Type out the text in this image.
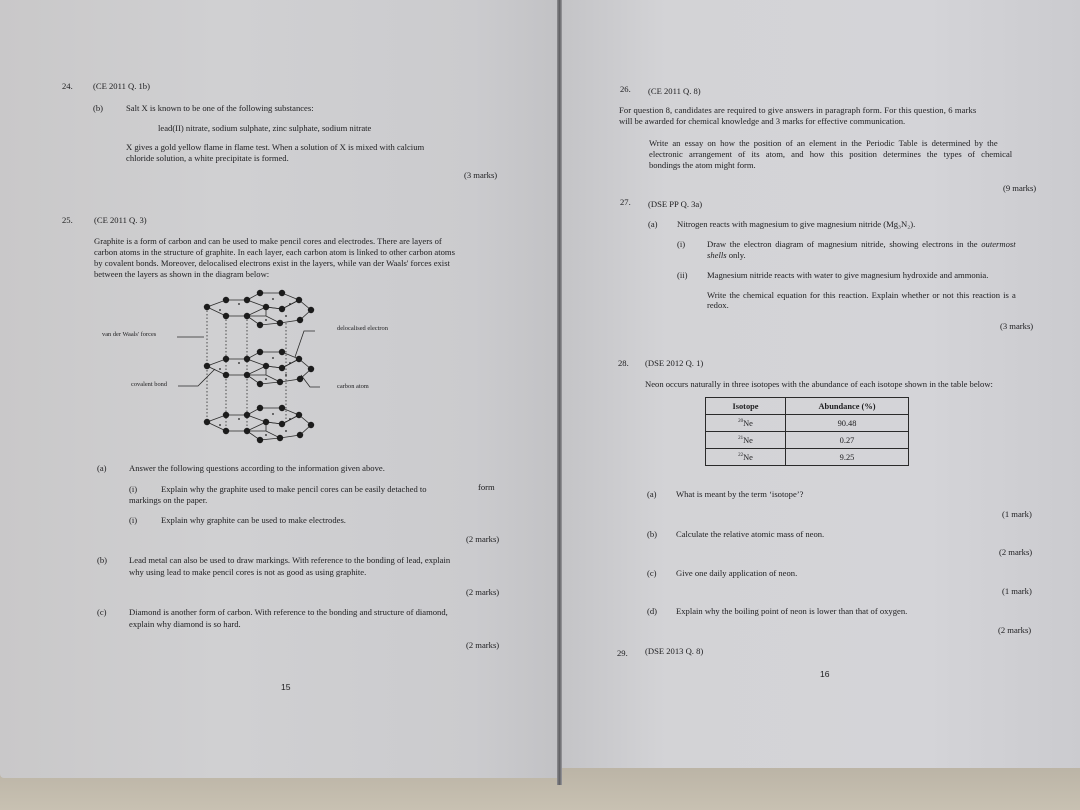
24. (CE 2011 Q. 1b)
(b)	Salt X is known to be one of the following substances:
lead(II) nitrate, sodium sulphate, zinc sulphate, sodium nitrate
X gives a gold yellow flame in flame test. When a solution of X is mixed with calcium
chloride solution, a white precipitate is formed.
(3 marks)
25. (CE 2011 Q. 3)
Graphite is a form of carbon and can be used to make pencil cores and electrodes. There are layers of
carbon atoms in the structure of graphite. In each layer, each carbon atom is linked to other carbon atoms
by covalent bonds. Moreover, delocalised electrons exist in the layers, while van der Waals' forces exist
between the layers as shown in the diagram below:
van der Waals' forces
delocalised electron
covalent bond	carbon atom
(a)	Answer the following questions according to the information given above.
(i)	Explain why the graphite used to make pencil cores can be easily detached to	form
markings on the paper.
(i)	Explain why graphite can be used to make electrodes.
(2 marks)
(b)	Lead metal can also be used to draw markings. With reference to the bonding of lead, explain
why using lead to make pencil cores is not as good as using graphite.
(2 marks)
(c)	Diamond is another form of carbon. With reference to the bonding and structure of diamond,
explain why diamond is so hard.
(2 marks)
15
26. (CE 2011 Q. 8)
For question 8, candidates are required to give answers in paragraph form. For this question, 6 marks
will be awarded for chemical knowledge and 3 marks for effective communication.
Write an essay on how the position of an element in the Periodic Table is determined by the
electronic arrangement of its atom, and how this position determines the types of chemical
bondings the atom might form.
(9 marks)
27. (DSE PP Q. 3a)
(a) Nitrogen reacts with magnesium to give magnesium nitride (Mg₃N₂).
(i)	Draw the electron diagram of magnesium nitride, showing electrons in the outermost
shells only.
(ii) Magnesium nitride reacts with water to give magnesium hydroxide and ammonia.
Write the chemical equation for this reaction. Explain whether or not this reaction is a
redox.
(3 marks)
28. (DSE 2012 Q. 1)
Neon occurs naturally in three isotopes with the abundance of each isotope shown in the table below:
Isotope	Abundance (%)
$^{20}$Ne	90.48
$^{21}$Ne	0.27
$^{22}$Ne	9.25
(a) What is meant by the term ‘isotope’?
(1 mark)
(b) Calculate the relative atomic mass of neon.
(2 marks)
(c) Give one daily application of neon.
(1 mark)
(d) Explain why the boiling point of neon is lower than that of oxygen.
(2 marks)
29. (DSE 2013 Q. 8)
16
